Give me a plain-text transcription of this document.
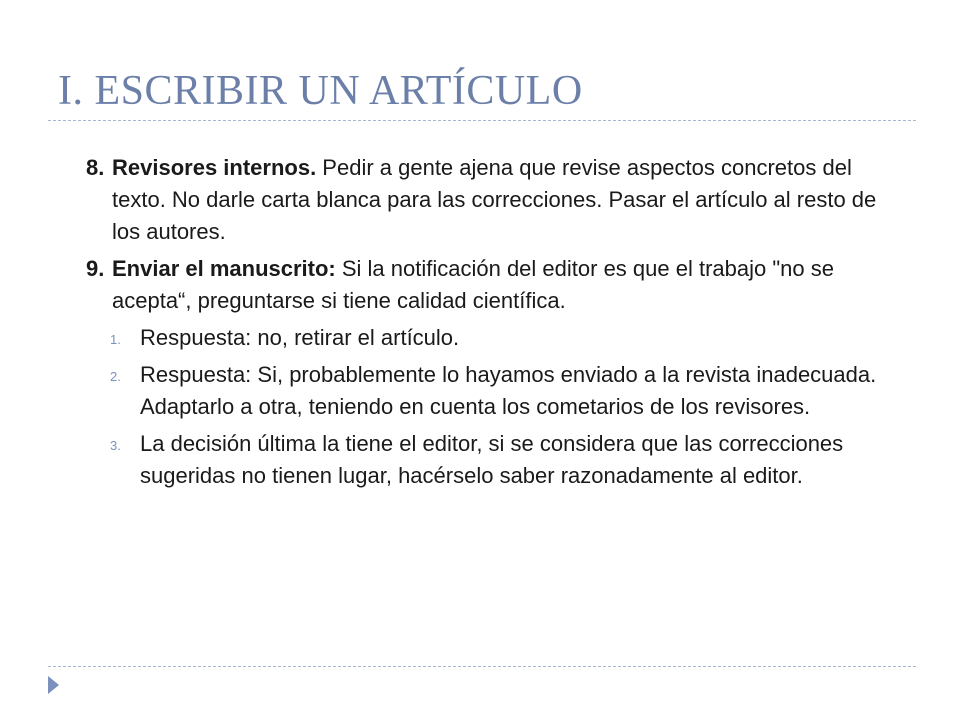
I. ESCRIBIR UN ARTÍCULO
8. Revisores internos. Pedir a gente ajena que revise aspectos concretos del texto. No darle carta blanca para las correcciones. Pasar el artículo al resto de los autores.
9. Enviar el manuscrito: Si la notificación del editor es que el trabajo "no se acepta“, preguntarse si tiene calidad científica.
1. Respuesta: no, retirar el artículo.
2. Respuesta: Si, probablemente lo hayamos enviado a la revista inadecuada. Adaptarlo a otra, teniendo en cuenta los cometarios de los revisores.
3. La decisión última la tiene el editor, si se considera que las correcciones sugeridas no tienen lugar, hacérselo saber razonadamente al editor.
